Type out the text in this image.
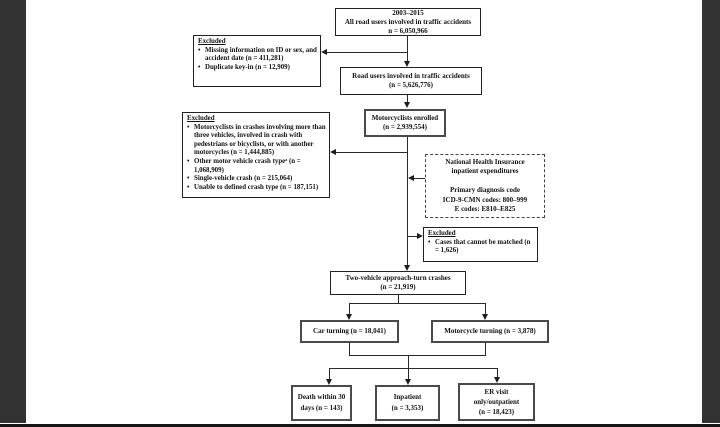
2003–2015
All road users involved in traffic accidents
n = 6,050,966
Road users involved in traffic accidents
(n = 5,626,776)
Motorcyclists enrolled
(n = 2,939,554)
National Health Insurance
inpatient expenditures
Primary diagnosis code
ICD-9-CMN codes: 800–999
E codes: E810–E825
Two-vehicle approach-turn crashes
(n = 21,919)
Car turning (n = 18,041)	Motorcycle turning (n = 3,878)
Death within 30
days (n = 143)
Inpatient
(n = 3,353)
ER visit
only/outpatient
(n = 18,423)
Excluded
• Missing information on ID or sex, and accident date (n = 411,281)
• Duplicate key-in (n = 12,909)
Excluded
• Motorcyclists in crashes involving more than three vehicles, involved in crash with pedestrians or bicyclists, or with another motorcycles (n = 1,444,885)
• Other motor vehicle crash typeᵃ (n = 1,068,909)
• Single-vehicle crash (n = 215,064)
• Unable to defined crash type (n = 187,151)
Excluded
• Cases that cannot be matched (n = 1,626)
